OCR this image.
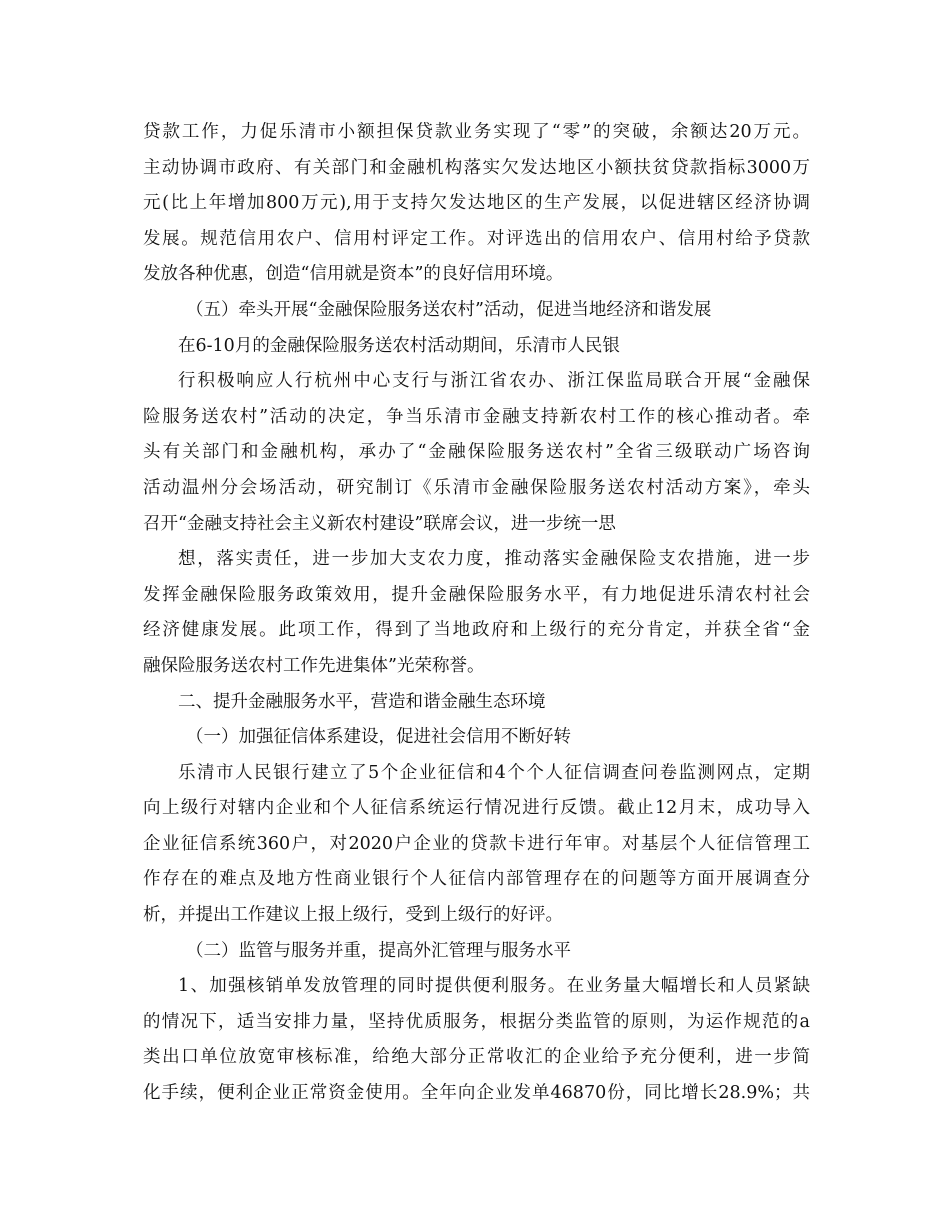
贷款工作，力促乐清市小额担保贷款业务实现了“零”的突破，余额达20万元。
主动协调市政府、有关部门和金融机构落实欠发达地区小额扶贫贷款指标3000万
元(比上年增加800万元),用于支持欠发达地区的生产发展，以促进辖区经济协调
发展。规范信用农户、信用村评定工作。对评选出的信用农户、信用村给予贷款
发放各种优惠，创造“信用就是资本”的良好信用环境。
（五）牵头开展“金融保险服务送农村”活动，促进当地经济和谐发展
在6-10月的金融保险服务送农村活动期间，乐清市人民银
行积极响应人行杭州中心支行与浙江省农办、浙江保监局联合开展“金融保
险服务送农村”活动的决定，争当乐清市金融支持新农村工作的核心推动者。牵
头有关部门和金融机构，承办了“金融保险服务送农村”全省三级联动广场咨询
活动温州分会场活动，研究制订《乐清市金融保险服务送农村活动方案》，牵头
召开“金融支持社会主义新农村建设”联席会议，进一步统一思
想，落实责任，进一步加大支农力度，推动落实金融保险支农措施，进一步
发挥金融保险服务政策效用，提升金融保险服务水平，有力地促进乐清农村社会
经济健康发展。此项工作，得到了当地政府和上级行的充分肯定，并获全省“金
融保险服务送农村工作先进集体”光荣称誉。
二、提升金融服务水平，营造和谐金融生态环境
（一）加强征信体系建设，促进社会信用不断好转
乐清市人民银行建立了5个企业征信和4个个人征信调查问卷监测网点，定期
向上级行对辖内企业和个人征信系统运行情况进行反馈。截止12月末，成功导入
企业征信系统360户，对2020户企业的贷款卡进行年审。对基层个人征信管理工
作存在的难点及地方性商业银行个人征信内部管理存在的问题等方面开展调查分
析，并提出工作建议上报上级行，受到上级行的好评。
（二）监管与服务并重，提高外汇管理与服务水平
1、加强核销单发放管理的同时提供便利服务。在业务量大幅增长和人员紧缺
的情况下，适当安排力量，坚持优质服务，根据分类监管的原则，为运作规范的a
类出口单位放宽审核标准，给绝大部分正常收汇的企业给予充分便利，进一步简
化手续，便利企业正常资金使用。全年向企业发单46870份，同比增长28.9%；共
